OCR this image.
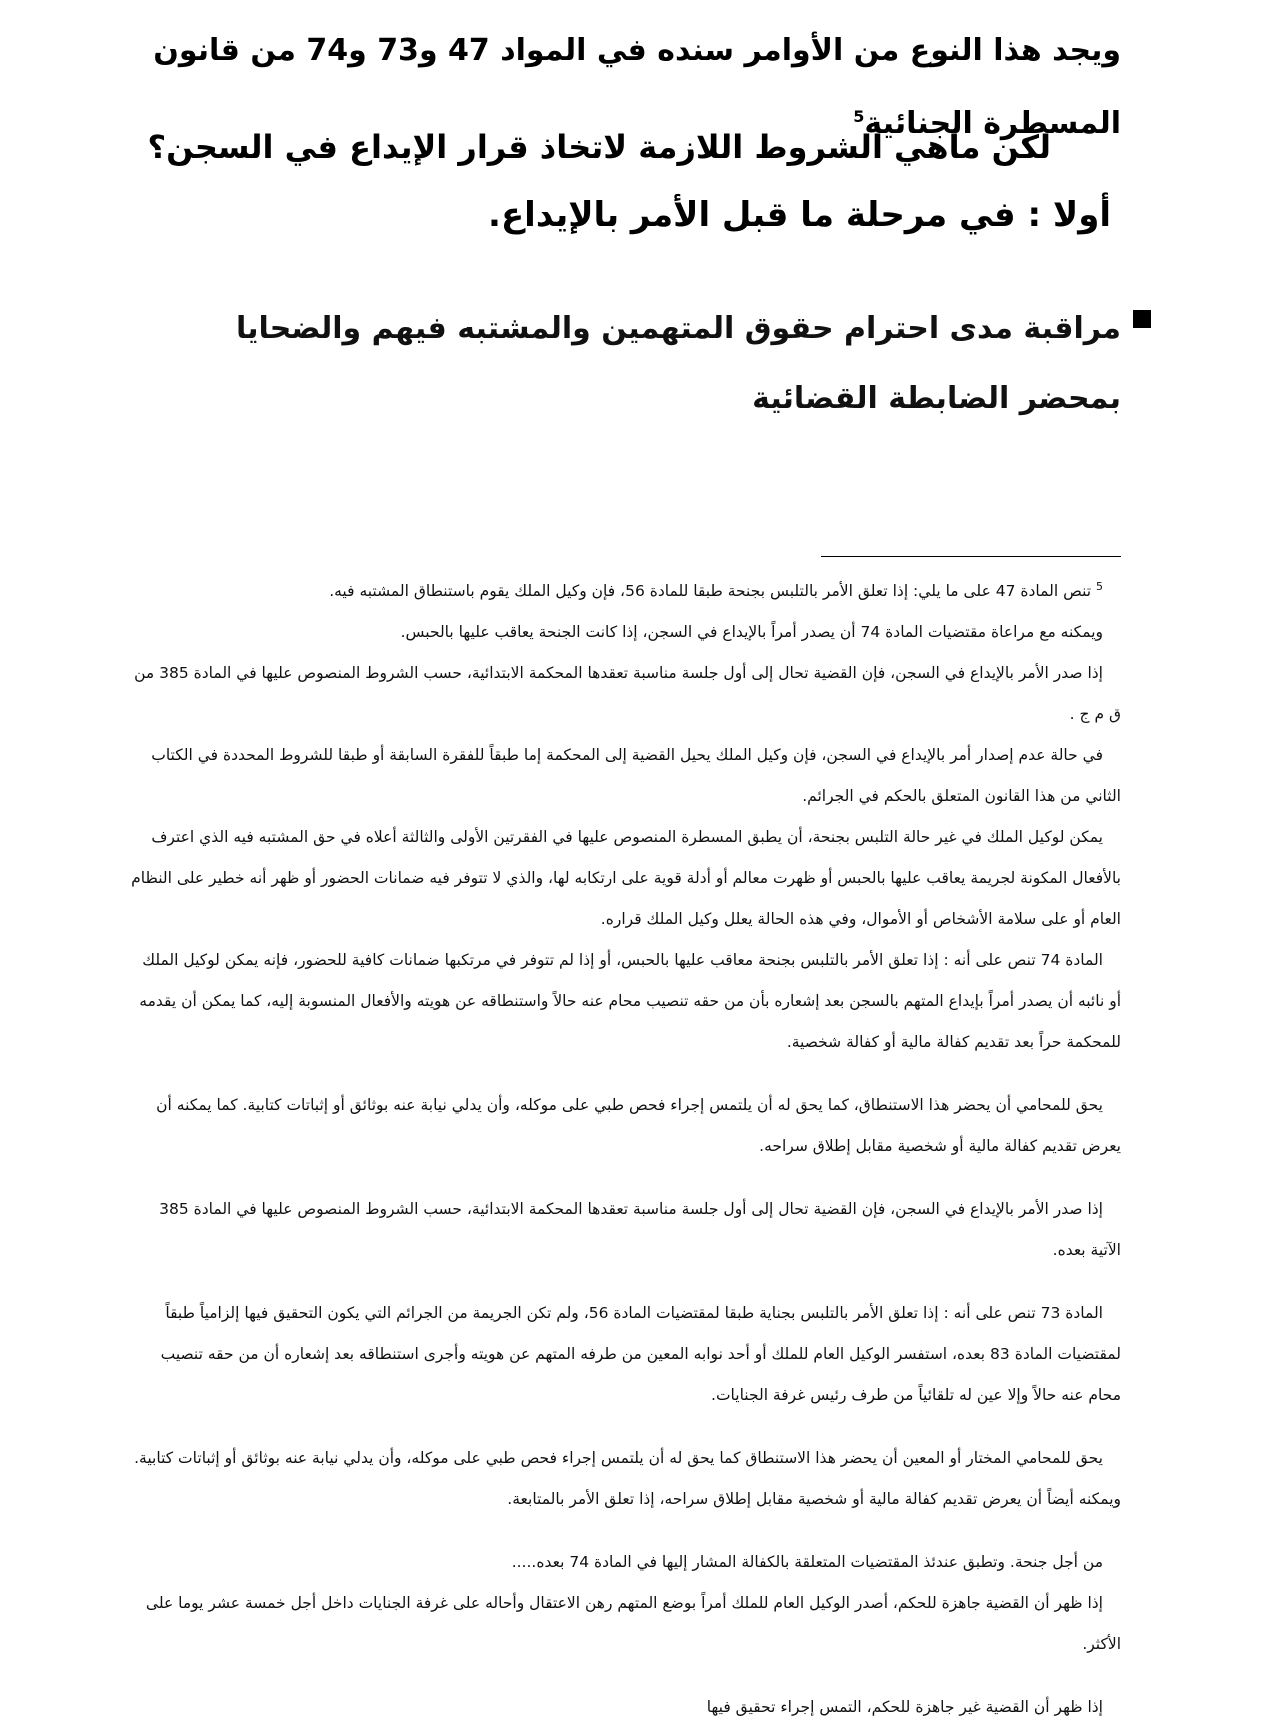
ويجد هذا النوع من الأوامر سنده في المواد 47 و73 و74 من قانون
المسطرة الجنائية$^5$
لكن ماهي الشروط اللازمة لاتخاذ قرار الإيداع في السجن؟
أولا : في مرحلة ما قبل الأمر بالإيداع.
مراقبة مدى احترام حقوق المتهمين والمشتبه فيهم والضحايا بمحضر الضابطة القضائية

$^5$ تنص المادة 47 على ما يلي: إذا تعلق الأمر بالتلبس بجنحة طبقا للمادة 56، فإن وكيل الملك يقوم باستنطاق المشتبه فيه.

ويمكنه مع مراعاة مقتضيات المادة 74 أن يصدر أمراً بالإيداع في السجن، إذا كانت الجنحة يعاقب عليها بالحبس.

إذا صدر الأمر بالإيداع في السجن، فإن القضية تحال إلى أول جلسة مناسبة تعقدها المحكمة الابتدائية، حسب الشروط المنصوص عليها في المادة 385 من ق م ج .

في حالة عدم إصدار أمر بالإيداع في السجن، فإن وكيل الملك يحيل القضية إلى المحكمة إما طبقاً للفقرة السابقة أو طبقا للشروط المحددة في الكتاب الثاني من هذا القانون المتعلق بالحكم في الجرائم.

يمكن لوكيل الملك في غير حالة التلبس بجنحة، أن يطبق المسطرة المنصوص عليها في الفقرتين الأولى والثالثة أعلاه في حق المشتبه فيه الذي اعترف بالأفعال المكونة لجريمة يعاقب عليها بالحبس أو ظهرت معالم أو أدلة قوية على ارتكابه لها، والذي لا تتوفر فيه ضمانات الحضور أو ظهر أنه خطير على النظام العام أو على سلامة الأشخاص أو الأموال، وفي هذه الحالة يعلل وكيل الملك قراره.

المادة 74 تنص على أنه : إذا تعلق الأمر بالتلبس بجنحة معاقب عليها بالحبس، أو إذا لم تتوفر في مرتكبها ضمانات كافية للحضور، فإنه يمكن لوكيل الملك أو نائبه أن يصدر أمراً بإيداع المتهم بالسجن بعد إشعاره بأن من حقه تنصيب محام عنه حالاً واستنطاقه عن هويته والأفعال المنسوبة إليه، كما يمكن أن يقدمه للمحكمة حراً بعد تقديم كفالة مالية أو كفالة شخصية.

يحق للمحامي أن يحضر هذا الاستنطاق، كما يحق له أن يلتمس إجراء فحص طبي على موكله، وأن يدلي نيابة عنه بوثائق أو إثباتات كتابية. كما يمكنه أن يعرض تقديم كفالة مالية أو شخصية مقابل إطلاق سراحه.

إذا صدر الأمر بالإيداع في السجن، فإن القضية تحال إلى أول جلسة مناسبة تعقدها المحكمة الابتدائية، حسب الشروط المنصوص عليها في المادة 385 الآتية بعده.

المادة 73 تنص على أنه : إذا تعلق الأمر بالتلبس بجناية طبقا لمقتضيات المادة 56، ولم تكن الجريمة من الجرائم التي يكون التحقيق فيها إلزامياً طبقاً لمقتضيات المادة 83 بعده، استفسر الوكيل العام للملك أو أحد نوابه المعين من طرفه المتهم عن هويته وأجرى استنطاقه بعد إشعاره أن من حقه تنصيب محام عنه حالاً وإلا عين له تلقائياً من طرف رئيس غرفة الجنايات.

يحق للمحامي المختار أو المعين أن يحضر هذا الاستنطاق كما يحق له أن يلتمس إجراء فحص طبي على موكله، وأن يدلي نيابة عنه بوثائق أو إثباتات كتابية. ويمكنه أيضاً أن يعرض تقديم كفالة مالية أو شخصية مقابل إطلاق سراحه، إذا تعلق الأمر بالمتابعة.

من أجل جنحة. وتطبق عندئذ المقتضيات المتعلقة بالكفالة المشار إليها في المادة 74 بعده.....

إذا ظهر أن القضية جاهزة للحكم، أصدر الوكيل العام للملك أمراً بوضع المتهم رهن الاعتقال وأحاله على غرفة الجنايات داخل أجل خمسة عشر يوما على الأكثر.

إذا ظهر أن القضية غير جاهزة للحكم، التمس إجراء تحقيق فيها
